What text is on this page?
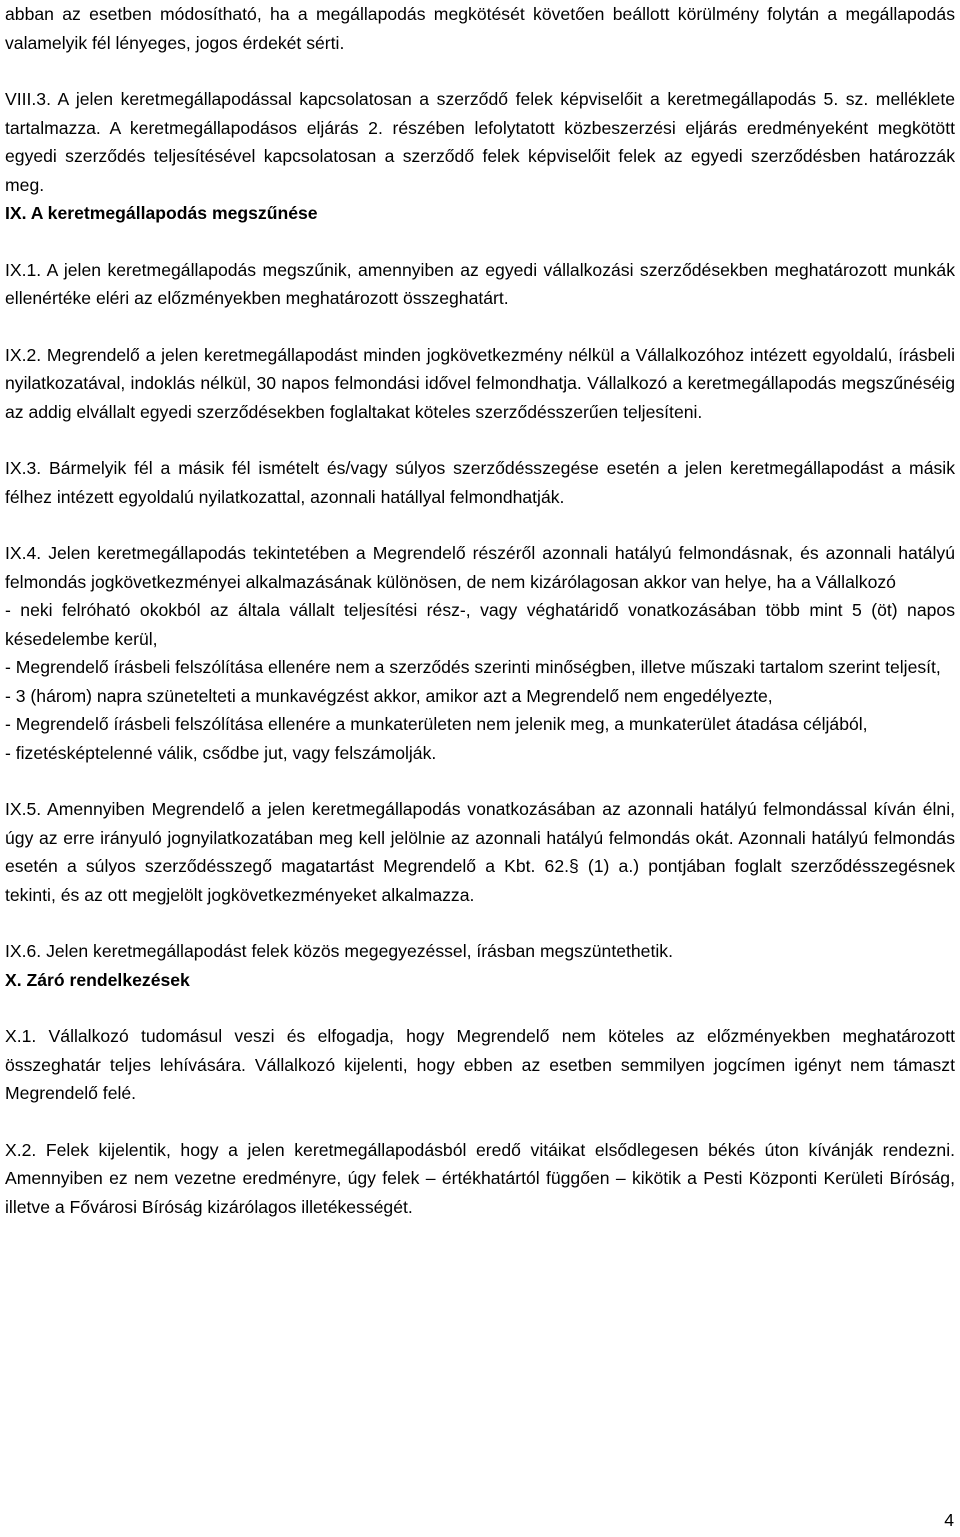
abban az esetben módosítható, ha a megállapodás megkötését követően beállott körülmény folytán a megállapodás valamelyik fél lényeges, jogos érdekét sérti.

VIII.3. A jelen keretmegállapodással kapcsolatosan a szerződő felek képviselőit a keretmegállapodás 5. sz. melléklete tartalmazza. A keretmegállapodásos eljárás 2. részében lefolytatott közbeszerzési eljárás eredményeként megkötött egyedi szerződés teljesítésével kapcsolatosan a szerződő felek képviselőit felek az egyedi szerződésben határozzák meg.

IX. A keretmegállapodás megszűnése

IX.1. A jelen keretmegállapodás megszűnik, amennyiben az egyedi vállalkozási szerződésekben meghatározott munkák ellenértéke eléri az előzményekben meghatározott összeghatárt.

IX.2. Megrendelő a jelen keretmegállapodást minden jogkövetkezmény nélkül a Vállalkozóhoz intézett egyoldalú, írásbeli nyilatkozatával, indoklás nélkül, 30 napos felmondási idővel felmondhatja. Vállalkozó a keretmegállapodás megszűnéséig az addig elvállalt egyedi szerződésekben foglaltakat köteles szerződésszerűen teljesíteni.

IX.3. Bármelyik fél a másik fél ismételt és/vagy súlyos szerződésszegése esetén a jelen keretmegállapodást a másik félhez intézett egyoldalú nyilatkozattal, azonnali hatállyal felmondhatják.

IX.4. Jelen keretmegállapodás tekintetében a Megrendelő részéről azonnali hatályú felmondásnak, és azonnali hatályú felmondás jogkövetkezményei alkalmazásának különösen, de nem kizárólagosan akkor van helye, ha a Vállalkozó

- neki felróható okokból az általa vállalt teljesítési rész-, vagy véghatáridő vonatkozásában több mint 5 (öt) napos késedelembe kerül,

- Megrendelő írásbeli felszólítása ellenére nem a szerződés szerinti minőségben, illetve műszaki tartalom szerint teljesít,

- 3 (három) napra szünetelteti a munkavégzést akkor, amikor azt a Megrendelő nem engedélyezte,

- Megrendelő írásbeli felszólítása ellenére a munkaterületen nem jelenik meg, a munkaterület átadása céljából,

- fizetésképtelenné válik, csődbe jut, vagy felszámolják.

IX.5. Amennyiben Megrendelő a jelen keretmegállapodás vonatkozásában az azonnali hatályú felmondással kíván élni, úgy az erre irányuló jognyilatkozatában meg kell jelölnie az azonnali hatályú felmondás okát. Azonnali hatályú felmondás esetén a súlyos szerződésszegő magatartást Megrendelő a Kbt. 62.§ (1) a.) pontjában foglalt szerződésszegésnek tekinti, és az ott megjelölt jogkövetkezményeket alkalmazza.

IX.6. Jelen keretmegállapodást felek közös megegyezéssel, írásban megszüntethetik.

X. Záró rendelkezések

X.1. Vállalkozó tudomásul veszi és elfogadja, hogy Megrendelő nem köteles az előzményekben meghatározott összeghatár teljes lehívására. Vállalkozó kijelenti, hogy ebben az esetben semmilyen jogcímen igényt nem támaszt Megrendelő felé.

X.2. Felek kijelentik, hogy a jelen keretmegállapodásból eredő vitáikat elsődlegesen békés úton kívánják rendezni. Amennyiben ez nem vezetne eredményre, úgy felek – értékhatártól függően – kikötik a Pesti Központi Kerületi Bíróság, illetve a Fővárosi Bíróság kizárólagos illetékességét.

4
